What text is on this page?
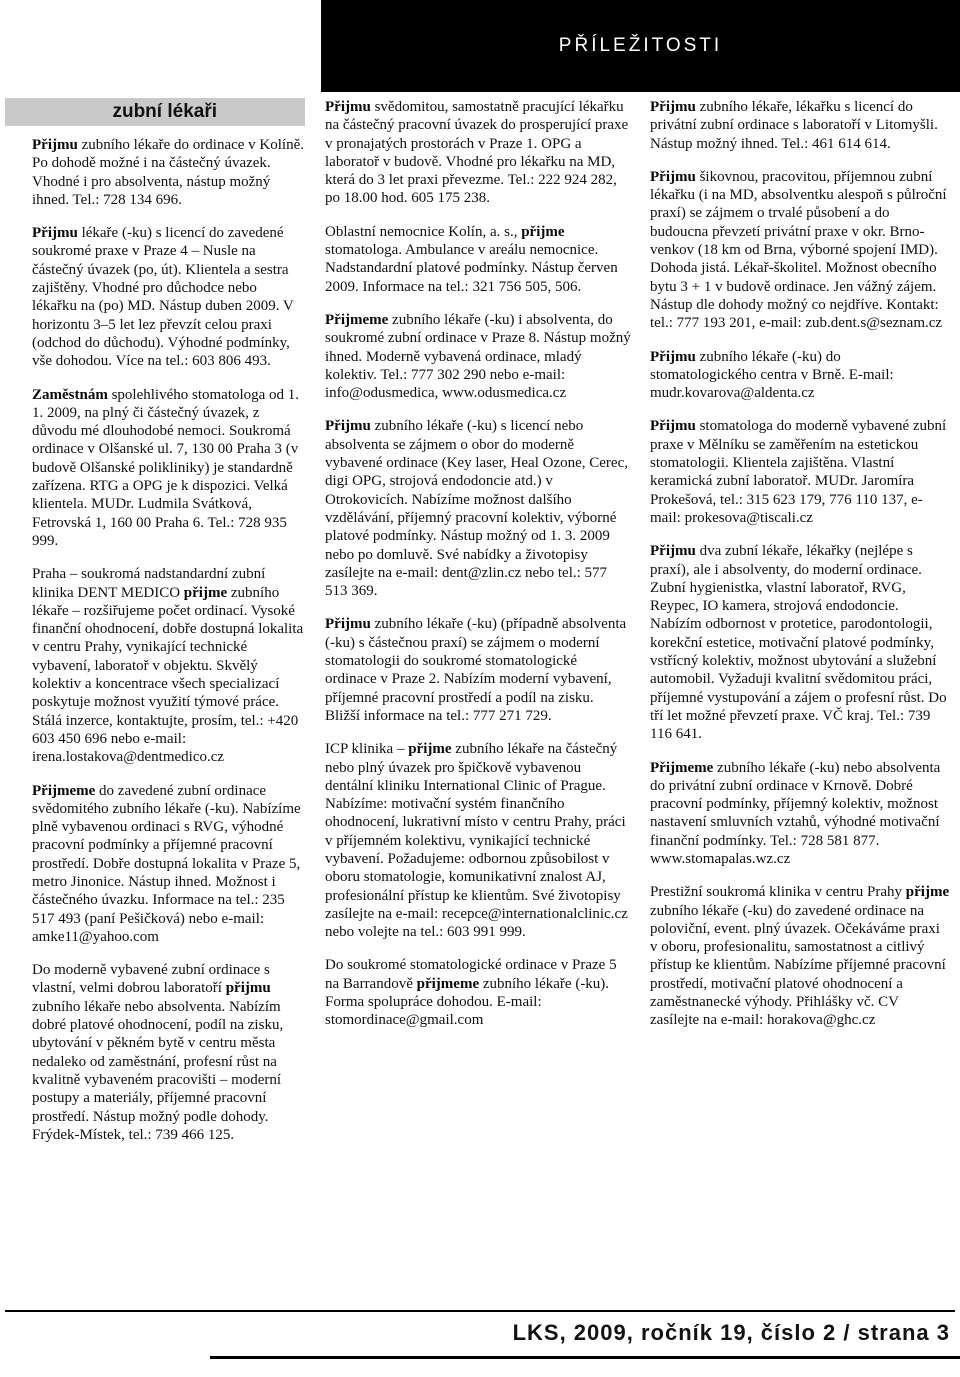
PŘÍLEŽITOSTI
zubní lékaři

Přijmu zubního lékaře do ordinace v Kolíně. Po dohodě možné i na částečný úvazek. Vhodné i pro absolventa, nástup možný ihned. Tel.: 728 134 696.

Přijmu lékaře (-ku) s licencí do zavedené soukromé praxe v Praze 4 – Nusle na částečný úvazek (po, út). Klientela a sestra zajištěny. Vhodné pro důchodce nebo lékařku na (po) MD. Nástup duben 2009. V horizontu 3–5 let lez převzít celou praxi (odchod do důchodu). Výhodné podmínky, vše dohodou. Více na tel.: 603 806 493.

Zaměstnám spolehlivého stomatologa od 1. 1. 2009, na plný či částečný úvazek, z důvodu mé dlouhodobé nemoci. Soukromá ordinace v Olšanské ul. 7, 130 00 Praha 3 (v budově Olšanské polikliniky) je standardně zařízena. RTG a OPG je k dispozici. Velká klientela. MUDr. Ludmila Svátková, Fetrovská 1, 160 00 Praha 6. Tel.: 728 935 999.

Praha – soukromá nadstandardní zubní klinika DENT MEDICO přijme zubního lékaře – rozšiřujeme počet ordinací. Vysoké finanční ohodnocení, dobře dostupná lokalita v centru Prahy, vynikající technické vybavení, laboratoř v objektu. Skvělý kolektiv a koncentrace všech specializací poskytuje možnost využití týmové práce. Stálá inzerce, kontaktujte, prosím, tel.: +420 603 450 696 nebo e-mail: irena.lostakova@dentmedico.cz

Přijmeme do zavedené zubní ordinace svědomitého zubního lékaře (-ku). Nabízíme plně vybavenou ordinaci s RVG, výhodné pracovní podmínky a příjemné pracovní prostředí. Dobře dostupná lokalita v Praze 5, metro Jinonice. Nástup ihned. Možnost i částečného úvazku. Informace na tel.: 235 517 493 (paní Pešičková) nebo e-mail: amke11@yahoo.com

Do moderně vybavené zubní ordinace s vlastní, velmi dobrou laboratoří přijmu zubního lékaře nebo absolventa. Nabízím dobré platové ohodnocení, podíl na zisku, ubytování v pěkném bytě v centru města nedaleko od zaměstnání, profesní růst na kvalitně vybaveném pracovišti – moderní postupy a materiály, příjemné pracovní prostředí. Nástup možný podle dohody. Frýdek-Místek, tel.: 739 466 125.

Přijmu svědomitou, samostatně pracující lékařku na částečný pracovní úvazek do prosperující praxe v pronajatých prostorách v Praze 1. OPG a laboratoř v budově. Vhodné pro lékařku na MD, která do 3 let praxi převezme. Tel.: 222 924 282, po 18.00 hod. 605 175 238.

Oblastní nemocnice Kolín, a. s., přijme stomatologa. Ambulance v areálu nemocnice. Nadstandardní platové podmínky. Nástup červen 2009. Informace na tel.: 321 756 505, 506.

Přijmeme zubního lékaře (-ku) i absolventa, do soukromé zubní ordinace v Praze 8. Nástup možný ihned. Moderně vybavená ordinace, mladý kolektiv. Tel.: 777 302 290 nebo e-mail: info@odusmedica, www.odusmedica.cz

Přijmu zubního lékaře (-ku) s licencí nebo absolventa se zájmem o obor do moderně vybavené ordinace (Key laser, Heal Ozone, Cerec, digi OPG, strojová endodoncie atd.) v Otrokovicích. Nabízíme možnost dalšího vzdělávání, příjemný pracovní kolektiv, výborné platové podmínky. Nástup možný od 1. 3. 2009 nebo po domluvě. Své nabídky a životopisy zasílejte na e-mail: dent@zlin.cz nebo tel.: 577 513 369.

Přijmu zubního lékaře (-ku) (případně absolventa (-ku) s částečnou praxí) se zájmem o moderní stomatologii do soukromé stomatologické ordinace v Praze 2. Nabízím moderní vybavení, příjemné pracovní prostředí a podíl na zisku. Bližší informace na tel.: 777 271 729.

ICP klinika – přijme zubního lékaře na částečný nebo plný úvazek pro špičkově vybavenou dentální kliniku International Clinic of Prague. Nabízíme: motivační systém finančního ohodnocení, lukrativní místo v centru Prahy, práci v příjemném kolektivu, vynikající technické vybavení. Požadujeme: odbornou způsobilost v oboru stomatologie, komunikativní znalost AJ, profesionální přístup ke klientům. Své životopisy zasílejte na e-mail: recepce@internationalclinic.cz nebo volejte na tel.: 603 991 999.

Do soukromé stomatologické ordinace v Praze 5 na Barrandově přijmeme zubního lékaře (-ku). Forma spolupráce dohodou. E-mail: stomordinace@gmail.com

Přijmu zubního lékaře, lékařku s licencí do privátní zubní ordinace s laboratoří v Litomyšli. Nástup možný ihned. Tel.: 461 614 614.

Přijmu šikovnou, pracovitou, příjemnou zubní lékařku (i na MD, absolventku alespoň s půlroční praxí) se zájmem o trvalé působení a do budoucna převzetí privátní praxe v okr. Brno-venkov (18 km od Brna, výborné spojení IMD). Dohoda jistá. Lékař-školitel. Možnost obecního bytu 3 + 1 v budově ordinace. Jen vážný zájem. Nástup dle dohody možný co nejdříve. Kontakt: tel.: 777 193 201, e-mail: zub.dent.s@seznam.cz

Přijmu zubního lékaře (-ku) do stomatologického centra v Brně. E-mail: mudr.kovarova@aldenta.cz

Přijmu stomatologa do moderně vybavené zubní praxe v Mělníku se zaměřením na estetickou stomatologii. Klientela zajištěna. Vlastní keramická zubní laboratoř. MUDr. Jaromíra Prokešová, tel.: 315 623 179, 776 110 137, e-mail: prokesova@tiscali.cz

Přijmu dva zubní lékaře, lékařky (nejlépe s praxí), ale i absolventy, do moderní ordinace. Zubní hygienistka, vlastní laboratoř, RVG, Reypec, IO kamera, strojová endodoncie. Nabízím odbornost v protetice, parodontologii, korekční estetice, motivační platové podmínky, vstřícný kolektiv, možnost ubytování a služební automobil. Vyžaduji kvalitní svědomitou práci, příjemné vystupování a zájem o profesní růst. Do tří let možné převzetí praxe. VČ kraj. Tel.: 739 116 641.

Přijmeme zubního lékaře (-ku) nebo absolventa do privátní zubní ordinace v Krnově. Dobré pracovní podmínky, příjemný kolektiv, možnost nastavení smluvních vztahů, výhodné motivační finanční podmínky. Tel.: 728 581 877. www.stomapalas.wz.cz

Prestižní soukromá klinika v centru Prahy přijme zubního lékaře (-ku) do zavedené ordinace na poloviční, event. plný úvazek. Očekáváme praxi v oboru, profesionalitu, samostatnost a citlivý přístup ke klientům. Nabízíme příjemné pracovní prostředí, motivační platové ohodnocení a zaměstnanecké výhody. Přihlášky vč. CV zasílejte na e-mail: horakova@ghc.cz

LKS, 2009, ročník 19, číslo 2 / strana 3
